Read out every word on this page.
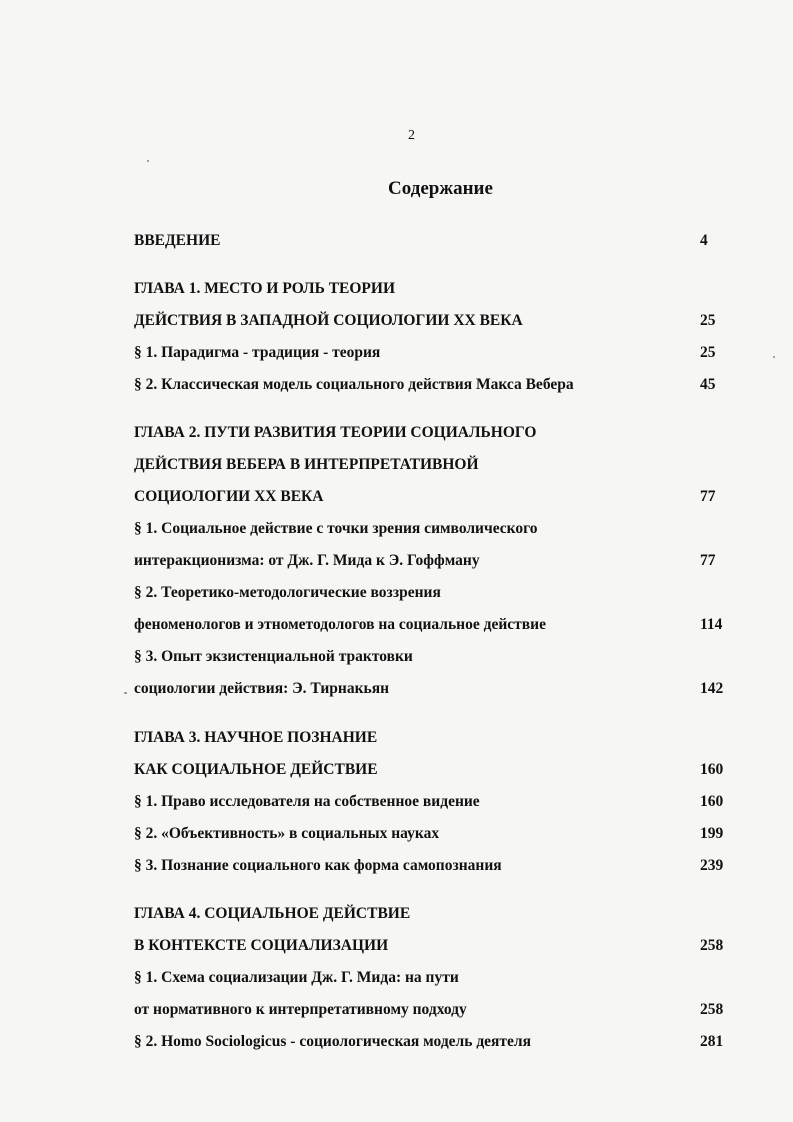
2
Содержание
ВВЕДЕНИЕ	4
ГЛАВА 1. МЕСТО И РОЛЬ ТЕОРИИ
ДЕЙСТВИЯ В ЗАПАДНОЙ СОЦИОЛОГИИ XX ВЕКА	25
§ 1. Парадигма - традиция - теория	25
§ 2. Классическая модель социального действия Макса Вебера	45
ГЛАВА 2. ПУТИ РАЗВИТИЯ ТЕОРИИ СОЦИАЛЬНОГО
ДЕЙСТВИЯ ВЕБЕРА В ИНТЕРПРЕТАТИВНОЙ
СОЦИОЛОГИИ XX ВЕКА	77
§ 1. Социальное действие с точки зрения символического
интеракционизма: от Дж. Г. Мида к Э. Гоффману	77
§ 2. Теоретико-методологические воззрения
феноменологов и этнометодологов на социальное действие	114
§ 3. Опыт экзистенциальной трактовки
социологии действия: Э. Тирнакьян	142
ГЛАВА 3. НАУЧНОЕ ПОЗНАНИЕ
КАК СОЦИАЛЬНОЕ ДЕЙСТВИЕ	160
§ 1. Право исследователя на собственное видение	160
§ 2. «Объективность» в социальных науках	199
§ 3. Познание социального как форма самопознания	239
ГЛАВА 4. СОЦИАЛЬНОЕ ДЕЙСТВИЕ
В КОНТЕКСТЕ СОЦИАЛИЗАЦИИ	258
§ 1. Схема социализации Дж. Г. Мида: на пути
от нормативного к интерпретативному подходу	258
§ 2. Homo Sociologicus - социологическая модель деятеля	281
